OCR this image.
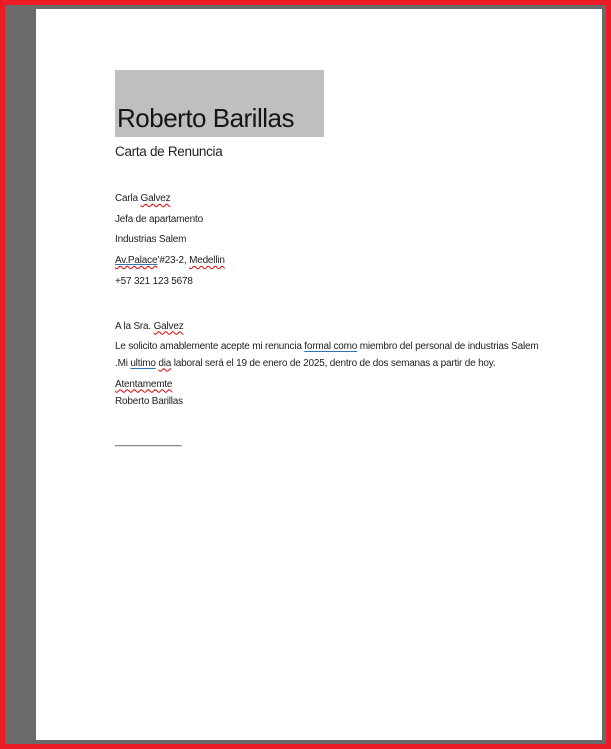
Roberto Barillas
Carta de Renuncia
Carla Galvez
Jefa de apartamento
Industrias Salem
Av.Palace’#23-2, Medellin
+57 321 123 5678
A la Sra. Galvez
Le solicito amablemente acepte mi renuncia formal como miembro del personal de industrias Salem
.Mi ultimo dia laboral será el 19 de enero de 2025, dentro de dos semanas a partir de hoy.
Atentamemte
Roberto Barillas
____________
